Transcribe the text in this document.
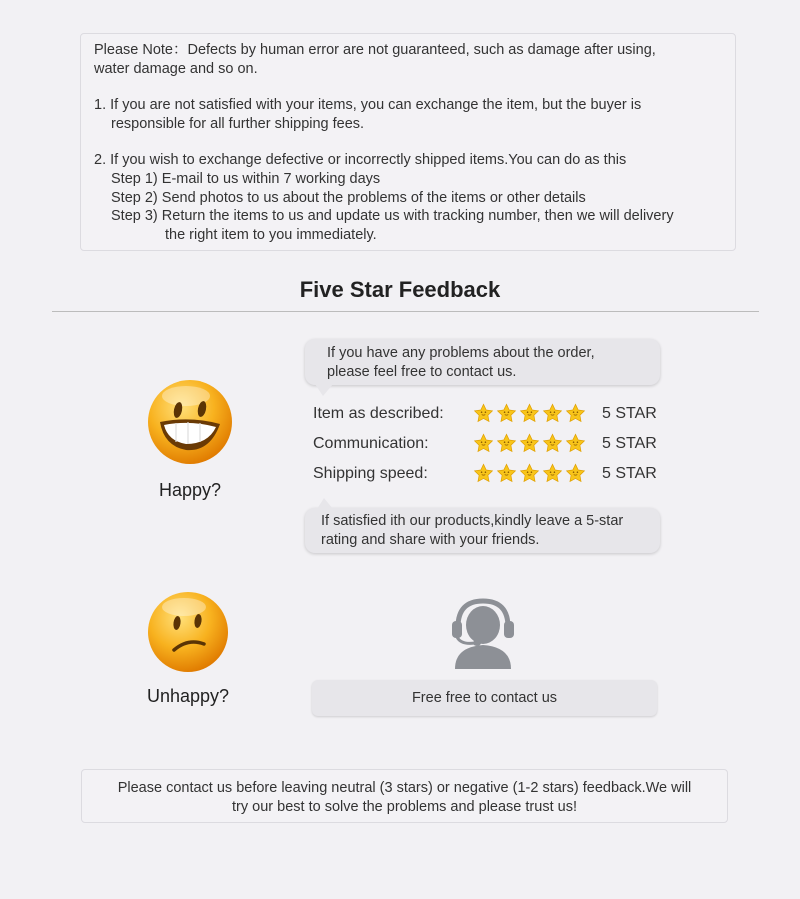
Please Note：Defects by human error are not guaranteed, such as damage after using,

water damage and so on.

1. If you are not satisfied with your items, you can exchange the item, but the buyer is

responsible for all further shipping fees.

2. If you wish to exchange defective or incorrectly shipped items.You can do as this

Step 1) E-mail to us within 7 working days

Step 2) Send photos to us about the problems of the items or other details

Step 3) Return the items to us and update us with tracking number, then we will delivery

the right item to you immediately.

Five Star Feedback
If you have any problems about the order,
please feel free to contact us.
Happy?
Item as described:	5 STAR
Communication:	5 STAR
Shipping speed:	5 STAR
If satisfied ith our products,kindly leave a 5-star
rating and share with your friends.
Unhappy?	Free free to contact us
Please contact us before leaving neutral (3 stars) or negative (1-2 stars) feedback.We will
try our best to solve the problems and please trust us!
